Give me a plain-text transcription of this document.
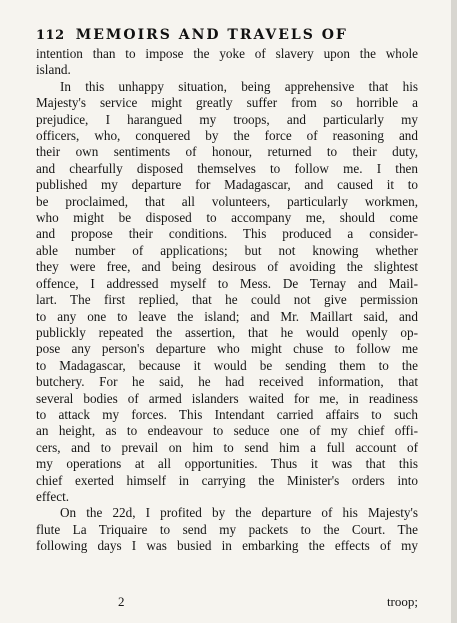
112 MEMOIRS AND TRAVELS OF
intention than to impose the yoke of slavery upon the whole
island.
In this unhappy situation, being apprehensive that his
Majesty's service might greatly suffer from so horrible a
prejudice, I harangued my troops, and particularly my
officers, who, conquered by the force of reasoning and
their own sentiments of honour, returned to their duty,
and chearfully disposed themselves to follow me. I then
published my departure for Madagascar, and caused it to
be proclaimed, that all volunteers, particularly workmen,
who might be disposed to accompany me, should come
and propose their conditions. This produced a consider-
able number of applications; but not knowing whether
they were free, and being desirous of avoiding the slightest
offence, I addressed myself to Mess. De Ternay and Mail-
lart. The first replied, that he could not give permission
to any one to leave the island; and Mr. Maillart said, and
publickly repeated the assertion, that he would openly op-
pose any person's departure who might chuse to follow me
to Madagascar, because it would be sending them to the
butchery. For he said, he had received information, that
several bodies of armed islanders waited for me, in readiness
to attack my forces. This Intendant carried affairs to such
an height, as to endeavour to seduce one of my chief offi-
cers, and to prevail on him to send him a full account of
my operations at all opportunities. Thus it was that this
chief exerted himself in carrying the Minister's orders into
effect.
On the 22d, I profited by the departure of his Majesty's
flute La Triquaire to send my packets to the Court. The
following days I was busied in embarking the effects of my
2	troop;
